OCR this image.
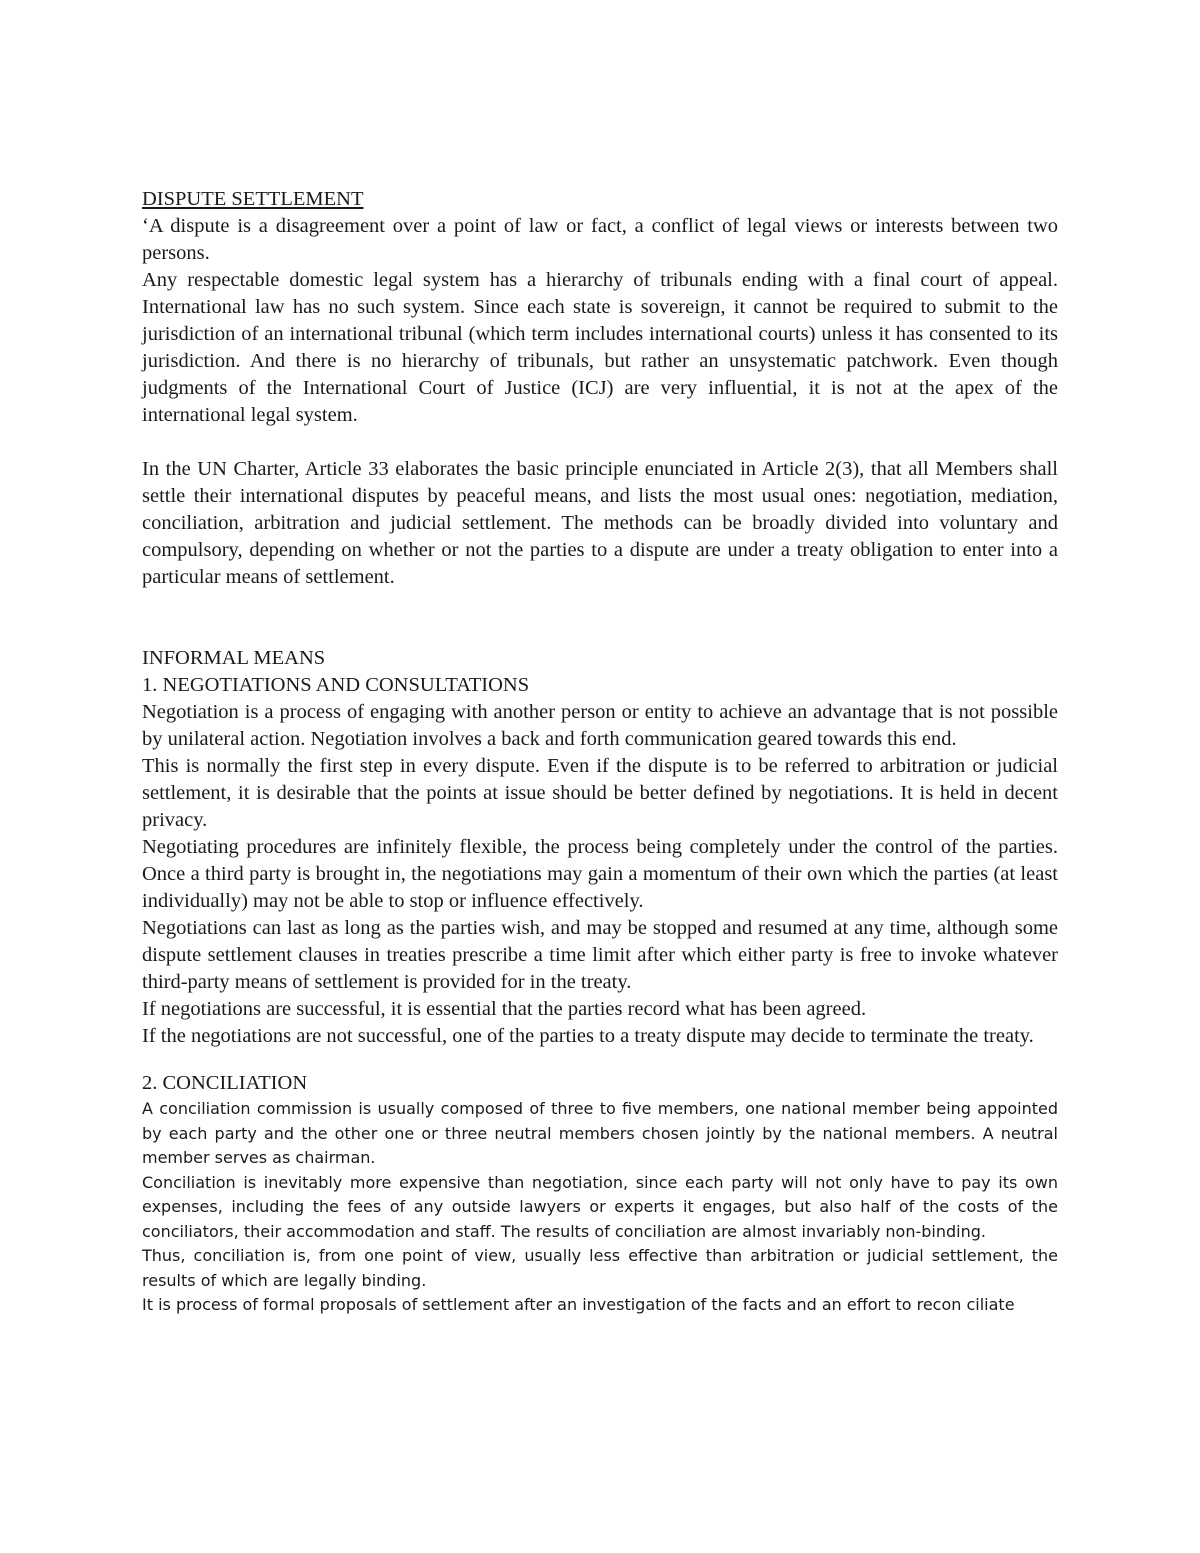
DISPUTE SETTLEMENT

‘A dispute is a disagreement over a point of law or fact, a conflict of legal views or interests between two persons.

Any respectable domestic legal system has a hierarchy of tribunals ending with a final court of appeal. International law has no such system. Since each state is sovereign, it cannot be required to submit to the jurisdiction of an international tribunal (which term includes international courts) unless it has consented to its jurisdiction. And there is no hierarchy of tribunals, but rather an unsystematic patchwork. Even though judgments of the International Court of Justice (ICJ) are very influential, it is not at the apex of the international legal system.

In the UN Charter, Article 33 elaborates the basic principle enunciated in Article 2(3), that all Members shall settle their international disputes by peaceful means, and lists the most usual ones: negotiation, mediation, conciliation, arbitration and judicial settlement. The methods can be broadly divided into voluntary and compulsory, depending on whether or not the parties to a dispute are under a treaty obligation to enter into a particular means of settlement.

INFORMAL MEANS

1. NEGOTIATIONS AND CONSULTATIONS

Negotiation is a process of engaging with another person or entity to achieve an advantage that is not possible by unilateral action. Negotiation involves a back and forth communication geared towards this end.

This is normally the first step in every dispute. Even if the dispute is to be referred to arbitration or judicial settlement, it is desirable that the points at issue should be better defined by negotiations. It is held in decent privacy.

Negotiating procedures are infinitely flexible, the process being completely under the control of the parties. Once a third party is brought in, the negotiations may gain a momentum of their own which the parties (at least individually) may not be able to stop or influence effectively.

Negotiations can last as long as the parties wish, and may be stopped and resumed at any time, although some dispute settlement clauses in treaties prescribe a time limit after which either party is free to invoke whatever third-party means of settlement is provided for in the treaty.

If negotiations are successful, it is essential that the parties record what has been agreed.

If the negotiations are not successful, one of the parties to a treaty dispute may decide to terminate the treaty.

2. CONCILIATION

A conciliation commission is usually composed of three to five members, one national member being appointed by each party and the other one or three neutral members chosen jointly by the national members. A neutral member serves as chairman.

Conciliation is inevitably more expensive than negotiation, since each party will not only have to pay its own expenses, including the fees of any outside lawyers or experts it engages, but also half of the costs of the conciliators, their accommodation and staff. The results of conciliation are almost invariably non-binding.

Thus, conciliation is, from one point of view, usually less effective than arbitration or judicial settlement, the results of which are legally binding.

It is process of formal proposals of settlement after an investigation of the facts and an effort to recon ciliate
